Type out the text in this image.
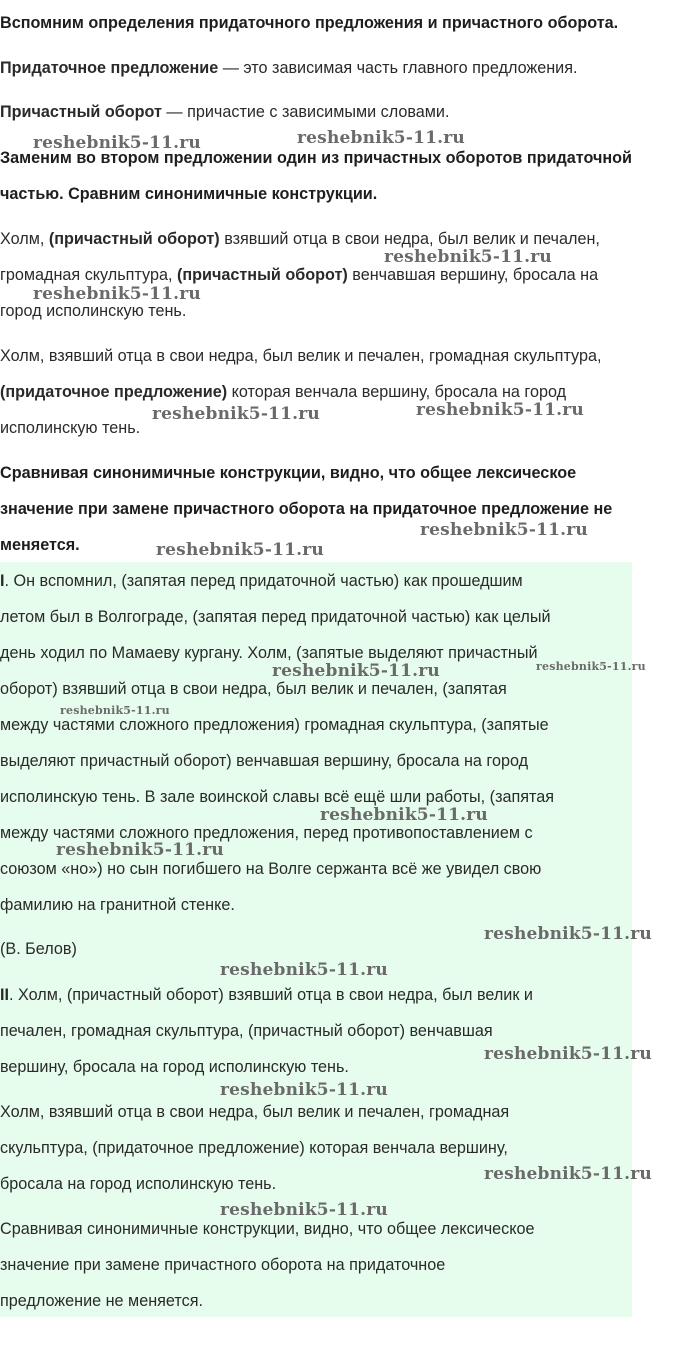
Вспомним определения придаточного предложения и причастного оборота.
Придаточное предложение — это зависимая часть главного предложения.
Причастный оборот — причастие с зависимыми словами.
Заменим во втором предложении один из причастных оборотов придаточной
частью. Сравним синонимичные конструкции.
Холм, (причастный оборот) взявший отца в свои недра, был велик и печален,
громадная скульптура, (причастный оборот) венчавшая вершину, бросала на
город исполинскую тень.
Холм, взявший отца в свои недра, был велик и печален, громадная скульптура,
(придаточное предложение) которая венчала вершину, бросала на город
исполинскую тень.
Сравнивая синонимичные конструкции, видно, что общее лексическое
значение при замене причастного оборота на придаточное предложение не
меняется.
I. Он вспомнил, (запятая перед придаточной частью) как прошедшим
летом был в Волгограде, (запятая перед придаточной частью) как целый
день ходил по Мамаеву кургану. Холм, (запятые выделяют причастный
оборот) взявший отца в свои недра, был велик и печален, (запятая
между частями сложного предложения) громадная скульптура, (запятые
выделяют причастный оборот) венчавшая вершину, бросала на город
исполинскую тень. В зале воинской славы всё ещё шли работы, (запятая
между частями сложного предложения, перед противопоставлением с
союзом «но») но сын погибшего на Волге сержанта всё же увидел свою
фамилию на гранитной стенке.
(В. Белов)
II. Холм, (причастный оборот) взявший отца в свои недра, был велик и
печален, громадная скульптура, (причастный оборот) венчавшая
вершину, бросала на город исполинскую тень.
Холм, взявший отца в свои недра, был велик и печален, громадная
скульптура, (придаточное предложение) которая венчала вершину,
бросала на город исполинскую тень.
Сравнивая синонимичные конструкции, видно, что общее лексическое
значение при замене причастного оборота на придаточное
предложение не меняется.
reshebnik5-11.ru	reshebnik5-11.ru
reshebnik5-11.ru
reshebnik5-11.ru
reshebnik5-11.ru	reshebnik5-11.ru
reshebnik5-11.ru
reshebnik5-11.ru
reshebnik5-11.ru	reshebnik5-11.ru
reshebnik5-11.ru
reshebnik5-11.ru
reshebnik5-11.ru
reshebnik5-11.ru
reshebnik5-11.ru
reshebnik5-11.ru
reshebnik5-11.ru
reshebnik5-11.ru
reshebnik5-11.ru
